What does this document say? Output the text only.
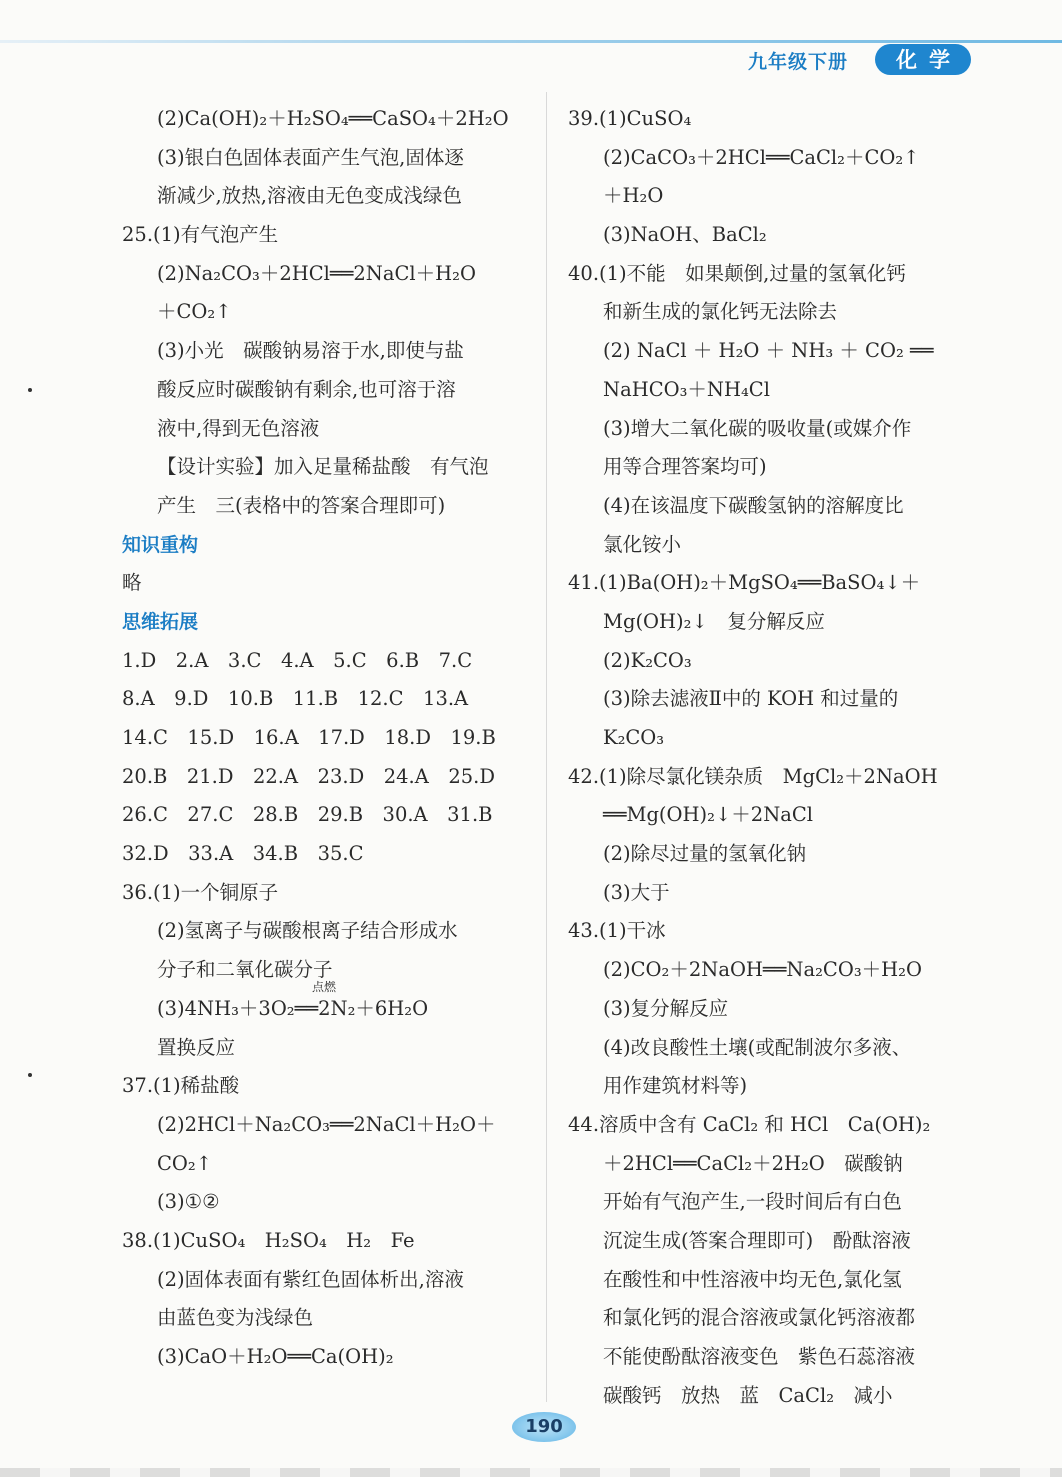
九年级下册	化学
(2)Ca(OH)₂＋H₂SO₄══CaSO₄＋2H₂O
(3)银白色固体表面产生气泡,固体逐
渐减少,放热,溶液由无色变成浅绿色
25.(1)有气泡产生
(2)Na₂CO₃＋2HCl══2NaCl＋H₂O
＋CO₂↑
(3)小光　碳酸钠易溶于水,即使与盐
酸反应时碳酸钠有剩余,也可溶于溶
液中,得到无色溶液
【设计实验】加入足量稀盐酸　有气泡
产生　三(表格中的答案合理即可)
知识重构
略
思维拓展
1.D　2.A　3.C　4.A　5.C　6.B　7.C
8.A　9.D　10.B　11.B　12.C　13.A
14.C　15.D　16.A　17.D　18.D　19.B
20.B　21.D　22.A　23.D　24.A　25.D
26.C　27.C　28.B　29.B　30.A　31.B
32.D　33.A　34.B　35.C
36.(1)一个铜原子
(2)氢离子与碳酸根离子结合形成水
分子和二氧化碳分子
(3)4NH₃＋3O₂══2N₂＋6H₂O
点燃
置换反应
37.(1)稀盐酸
(2)2HCl＋Na₂CO₃══2NaCl＋H₂O＋
CO₂↑
(3)①②
38.(1)CuSO₄　H₂SO₄　H₂　Fe
(2)固体表面有紫红色固体析出,溶液
由蓝色变为浅绿色
(3)CaO＋H₂O══Ca(OH)₂
39.(1)CuSO₄
(2)CaCO₃＋2HCl══CaCl₂＋CO₂↑
＋H₂O
(3)NaOH、BaCl₂
40.(1)不能　如果颠倒,过量的氢氧化钙
和新生成的氯化钙无法除去
(2) NaCl ＋ H₂O ＋ NH₃ ＋ CO₂ ══
NaHCO₃＋NH₄Cl
(3)增大二氧化碳的吸收量(或媒介作
用等合理答案均可)
(4)在该温度下碳酸氢钠的溶解度比
氯化铵小
41.(1)Ba(OH)₂＋MgSO₄══BaSO₄↓＋
Mg(OH)₂↓　复分解反应
(2)K₂CO₃
(3)除去滤液Ⅱ中的 KOH 和过量的
K₂CO₃
42.(1)除尽氯化镁杂质　MgCl₂＋2NaOH
══Mg(OH)₂↓＋2NaCl
(2)除尽过量的氢氧化钠
(3)大于
43.(1)干冰
(2)CO₂＋2NaOH══Na₂CO₃＋H₂O
(3)复分解反应
(4)改良酸性土壤(或配制波尔多液、
用作建筑材料等)
44.溶质中含有 CaCl₂ 和 HCl　Ca(OH)₂
＋2HCl══CaCl₂＋2H₂O　碳酸钠
开始有气泡产生,一段时间后有白色
沉淀生成(答案合理即可)　酚酞溶液
在酸性和中性溶液中均无色,氯化氢
和氯化钙的混合溶液或氯化钙溶液都
不能使酚酞溶液变色　紫色石蕊溶液
碳酸钙　放热　蓝　CaCl₂　减小
190
